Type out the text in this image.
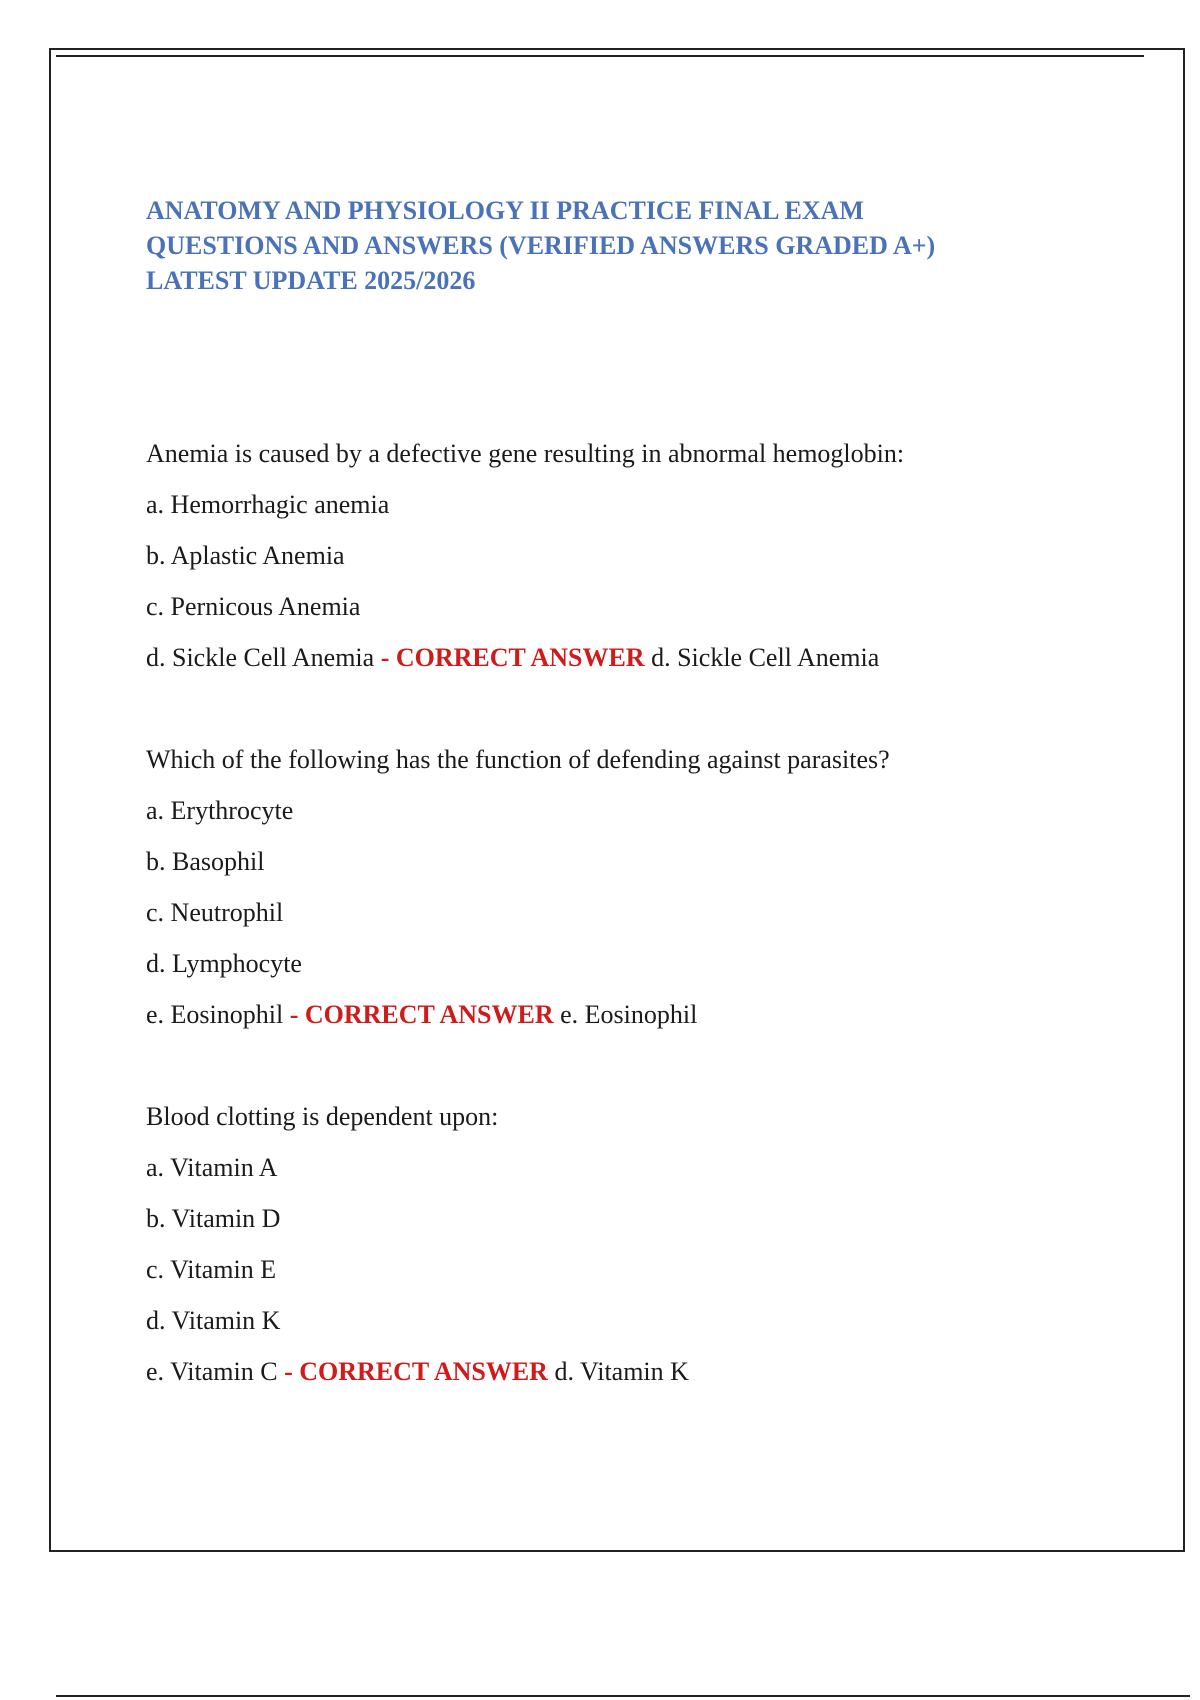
ANATOMY AND PHYSIOLOGY II PRACTICE FINAL EXAM
QUESTIONS AND ANSWERS (VERIFIED ANSWERS GRADED A+)
LATEST UPDATE 2025/2026

Anemia is caused by a defective gene resulting in abnormal hemoglobin:

a. Hemorrhagic anemia

b. Aplastic Anemia

c. Pernicous Anemia

d. Sickle Cell Anemia - CORRECT ANSWER d. Sickle Cell Anemia

Which of the following has the function of defending against parasites?

a. Erythrocyte

b. Basophil

c. Neutrophil

d. Lymphocyte

e. Eosinophil - CORRECT ANSWER e. Eosinophil

Blood clotting is dependent upon:

a. Vitamin A

b. Vitamin D

c. Vitamin E

d. Vitamin K

e. Vitamin C - CORRECT ANSWER d. Vitamin K
